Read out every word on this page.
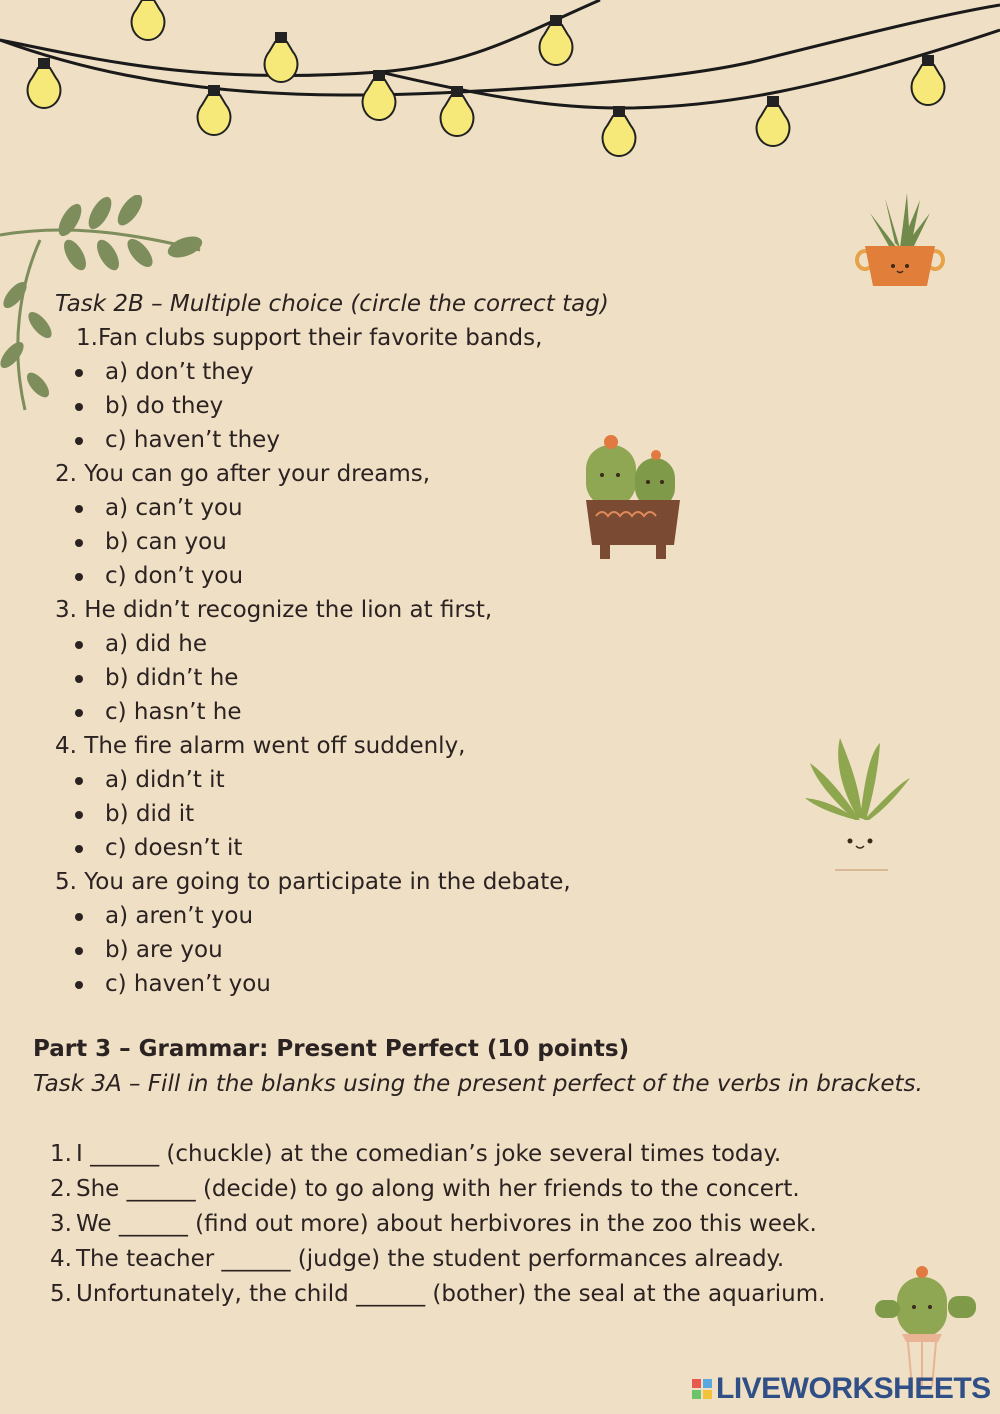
Task 2B – Multiple choice (circle the correct tag)
1.Fan clubs support their favorite bands,
a) don’t they
b) do they
c) haven’t they
2. You can go after your dreams,
a) can’t you
b) can you
c) don’t you
3. He didn’t recognize the lion at first,
a) did he
b) didn’t he
c) hasn’t he
4. The fire alarm went off suddenly,
a) didn’t it
b) did it
c) doesn’t it
5. You are going to participate in the debate,
a) aren’t you
b) are you
c) haven’t you
Part 3 – Grammar: Present Perfect (10 points)
Task 3A – Fill in the blanks using the present perfect of the verbs in brackets.
1. I ______ (chuckle) at the comedian’s joke several times today.
2. She ______ (decide) to go along with her friends to the concert.
3. We ______ (find out more) about herbivores in the zoo this week.
4. The teacher ______ (judge) the student performances already.
5. Unfortunately, the child ______ (bother) the seal at the aquarium.
LIVEWORKSHEETS
